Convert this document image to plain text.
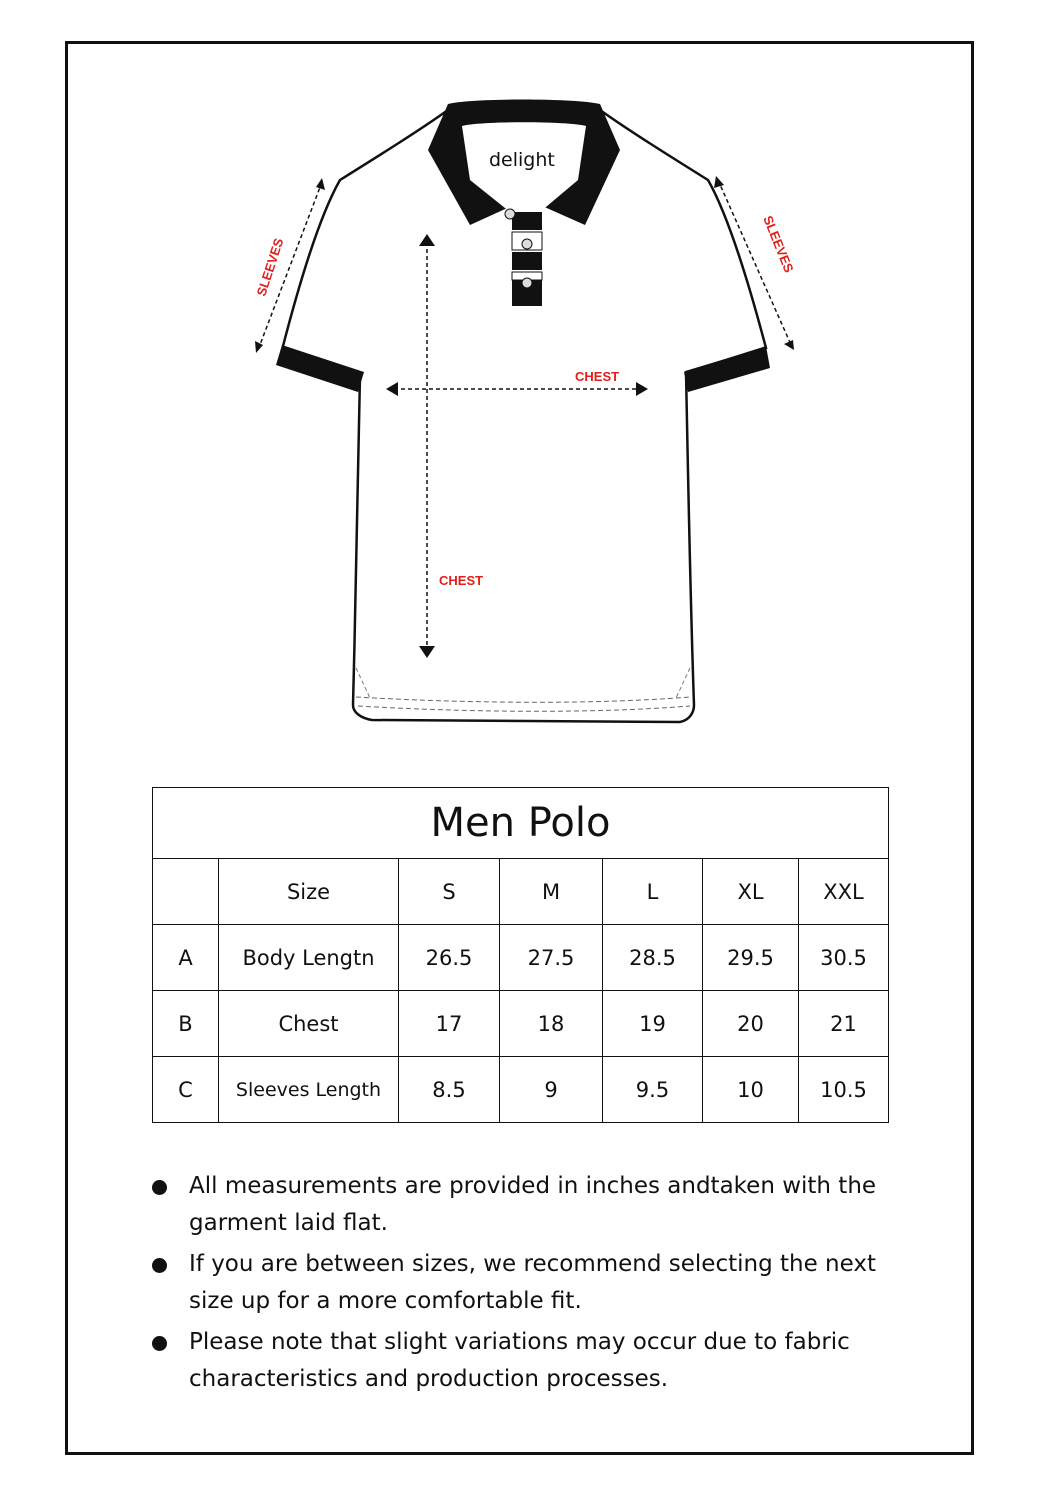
delight
SLEEVES	SLEEVES
CHEST
CHEST
Men Polo						
	Size	S	M	L	XL	XXL
A	Body Lengtn	26.5	27.5	28.5	29.5	30.5
B	Chest	17	18	19	20	21
C	Sleeves Length	8.5	9	9.5	10	10.5
All measurements are provided in inches andtaken with the garment laid flat.
If you are between sizes, we recommend selecting the next size up for a more comfortable fit.
Please note that slight variations may occur due to fabric characteristics and production processes.
